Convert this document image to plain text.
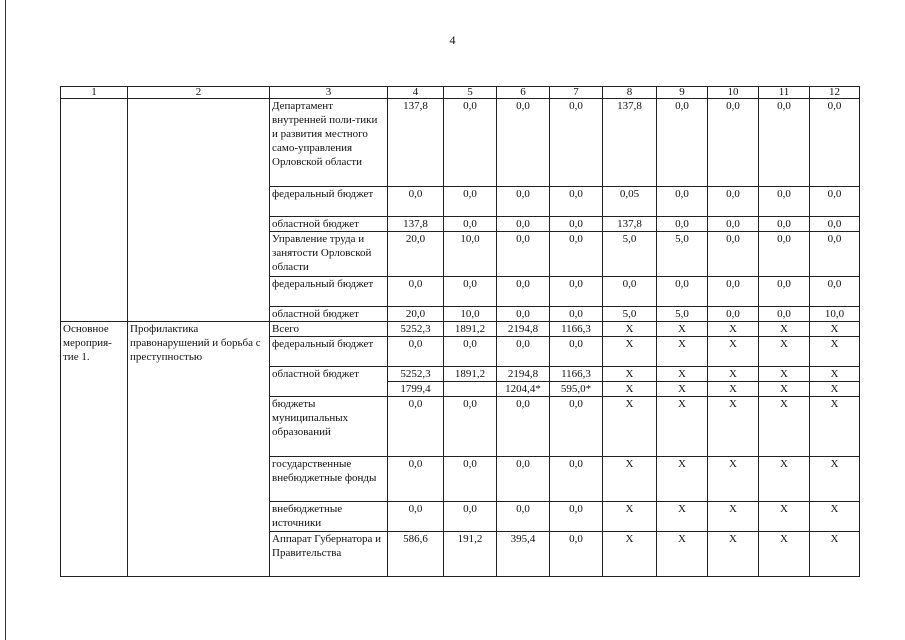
4
1	2	3	4	5	6	7	8	9	10	11	12
		Департамент внутренней поли-тики и развития местного само-управления Орловской области	137,8	0,0	0,0	0,0	137,8	0,0	0,0	0,0	0,0
		федеральный бюджет	0,0	0,0	0,0	0,0	0,05	0,0	0,0	0,0	0,0
		областной бюджет	137,8	0,0	0,0	0,0	137,8	0,0	0,0	0,0	0,0
		Управление труда и занятости Орловской области	20,0	10,0	0,0	0,0	5,0	5,0	0,0	0,0	0,0
		федеральный бюджет	0,0	0,0	0,0	0,0	0,0	0,0	0,0	0,0	0,0
		областной бюджет	20,0	10,0	0,0	0,0	5,0	5,0	0,0	0,0	10,0
Основное мероприя-тие 1.	Профилактика правонарушений и борьба с преступностью	Всего	5252,3	1891,2	2194,8	1166,3	Х	Х	Х	Х	Х
		федеральный бюджет	0,0	0,0	0,0	0,0	Х	Х	Х	Х	Х
		областной бюджет	5252,3	1891,2	2194,8	1166,3	Х	Х	Х	Х	Х
			1799,4		1204,4*	595,0*	Х	Х	Х	Х	Х
		бюджеты муниципальных образований	0,0	0,0	0,0	0,0	Х	Х	Х	Х	Х
		государственные внебюджетные фонды	0,0	0,0	0,0	0,0	Х	Х	Х	Х	Х
		внебюджетные источники	0,0	0,0	0,0	0,0	Х	Х	Х	Х	Х
		Аппарат Губернатора и Правительства	586,6	191,2	395,4	0,0	Х	Х	Х	Х	Х
